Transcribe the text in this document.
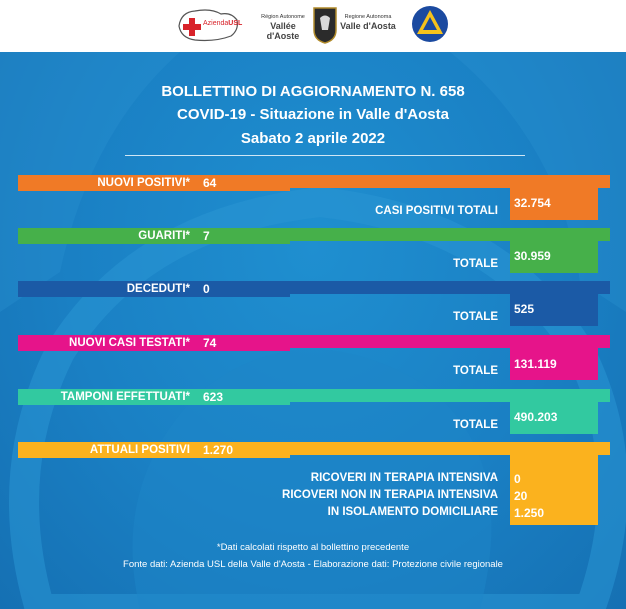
AziendaUSL
Région Autonome
Vallée d'Aoste
Regione Autonoma
Valle d'Aosta
BOLLETTINO DI AGGIORNAMENTO N. 658
COVID-19 - Situazione in Valle d'Aosta
Sabato 2 aprile 2022
NUOVI POSITIVI* 64
CASI POSITIVI TOTALI
32.754
GUARITI* 7
TOTALE
30.959
DECEDUTI* 0
TOTALE
525
NUOVI CASI TESTATI* 74
TOTALE 131.119
TAMPONI EFFETTUATI* 623
TOTALE
490.203
ATTUALI POSITIVI 1.270
RICOVERI IN TERAPIA INTENSIVA 0
RICOVERI NON IN TERAPIA INTENSIVA 20
IN ISOLAMENTO DOMICILIARE 1.250
*Dati calcolati rispetto al bollettino precedente
Fonte dati: Azienda USL della Valle d'Aosta - Elaborazione dati: Protezione civile regionale
